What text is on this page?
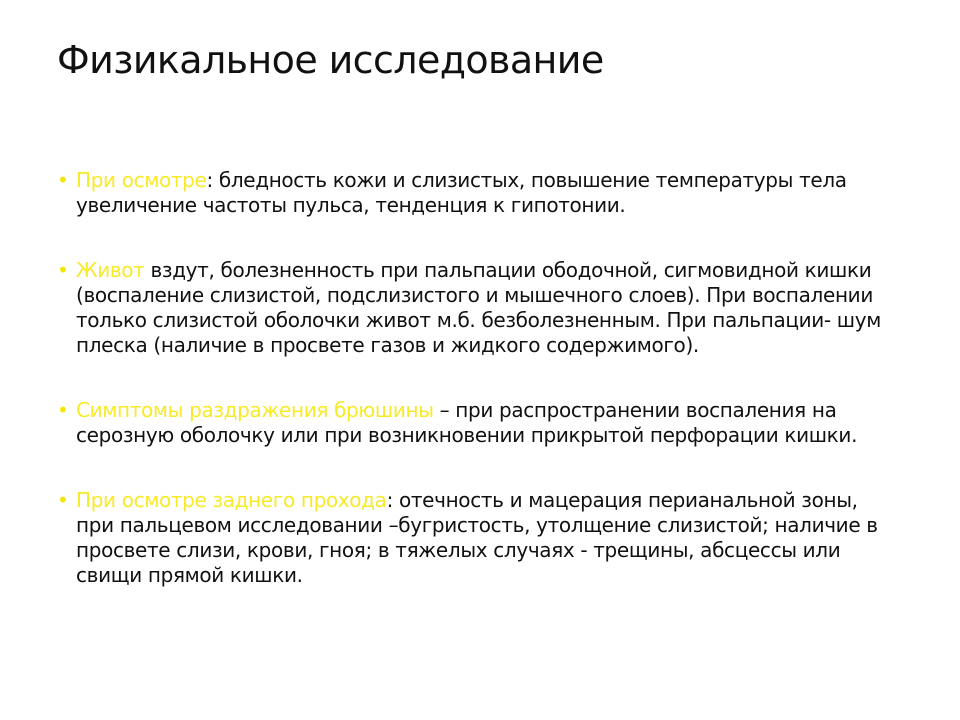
Физикальное исследование
• При осмотре: бледность кожи и слизистых, повышение температуры тела увеличение частоты пульса, тенденция к гипотонии.
• Живот вздут, болезненность при пальпации ободочной, сигмовидной кишки (воспаление слизистой, подслизистого и мышечного слоев). При воспалении только слизистой оболочки живот м.б. безболезненным. При пальпации- шум плеска (наличие в просвете газов и жидкого содержимого).
• Симптомы раздражения брюшины – при распространении воспаления на серозную оболочку или при возникновении прикрытой перфорации кишки.
• При осмотре заднего прохода: отечность и мацерация перианальной зоны, при пальцевом исследовании –бугристость, утолщение слизистой; наличие в просвете слизи, крови, гноя; в тяжелых случаях - трещины, абсцессы или свищи прямой кишки.
